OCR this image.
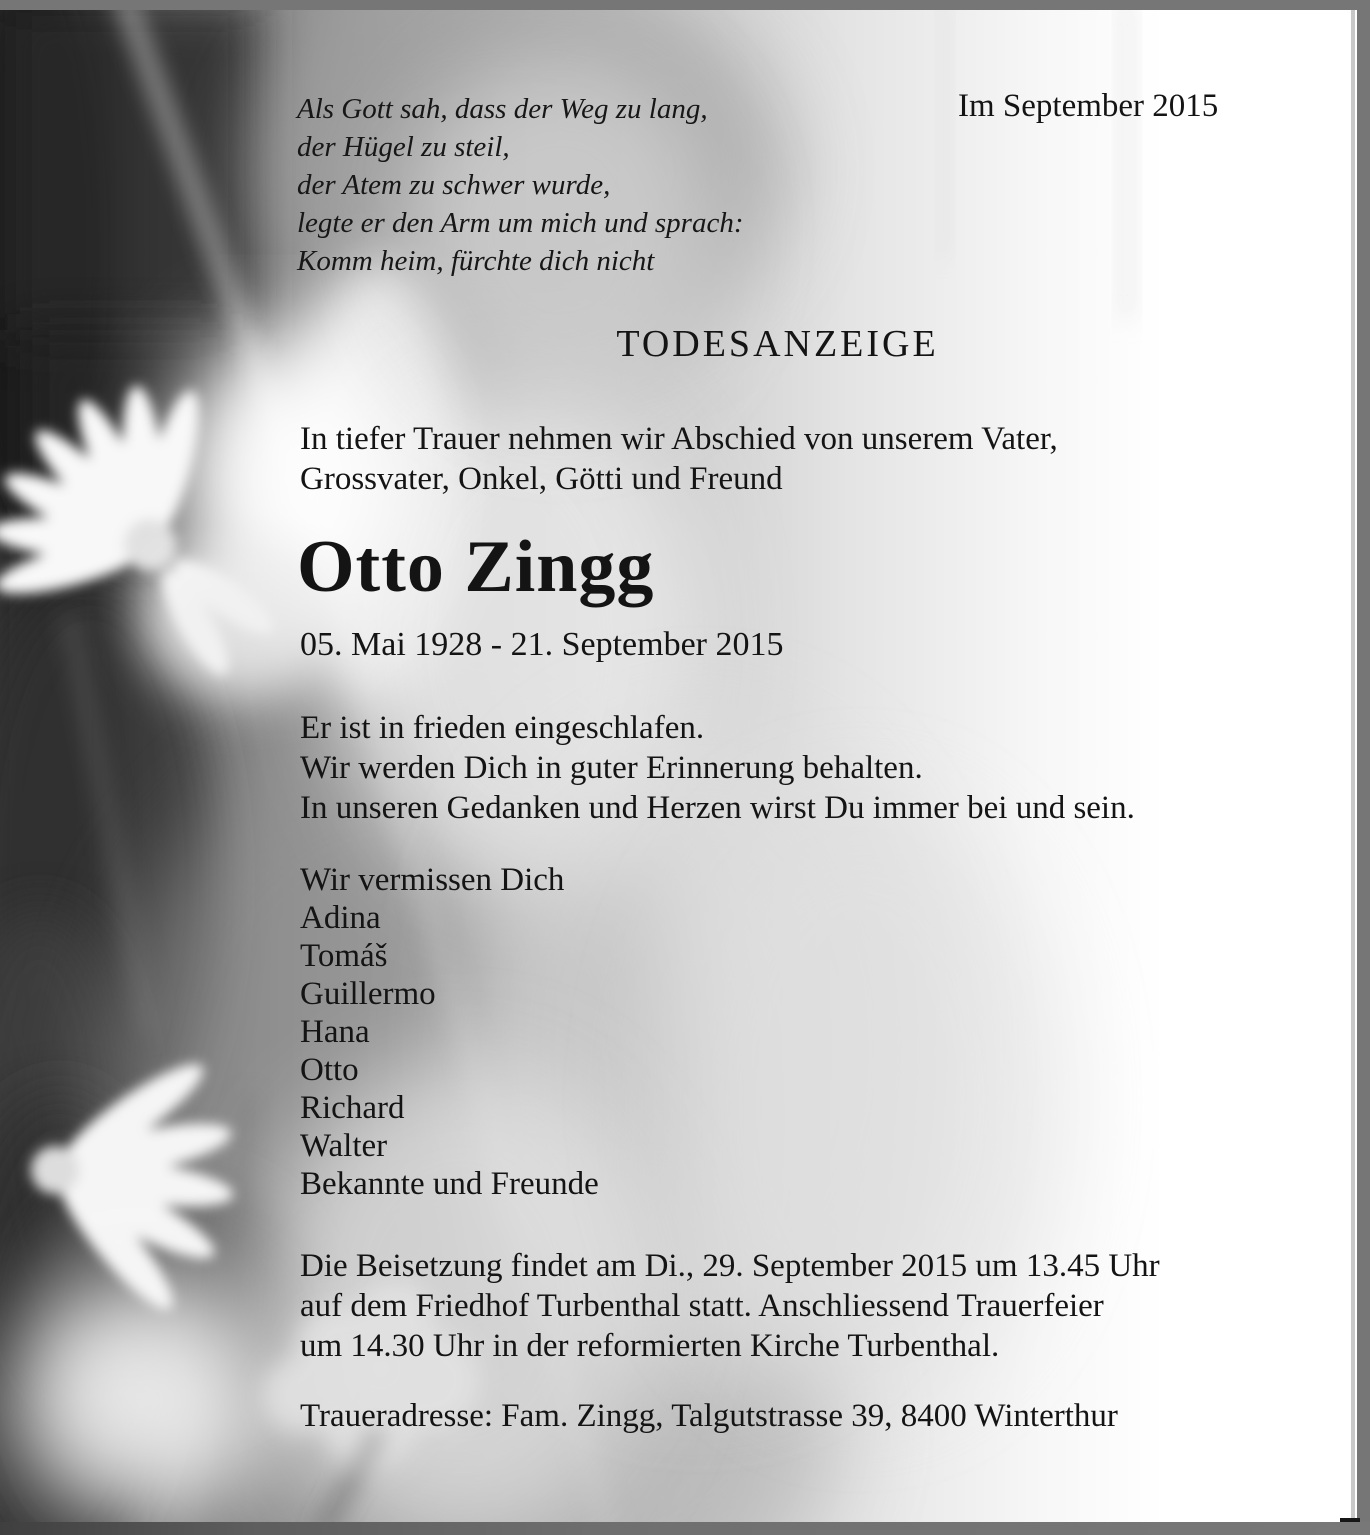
Als Gott sah, dass der Weg zu lang,
der Hügel zu steil,
der Atem zu schwer wurde,
legte er den Arm um mich und sprach:
Komm heim, fürchte dich nicht
Im September 2015
TODESANZEIGE
In tiefer Trauer nehmen wir Abschied von unserem Vater,
Grossvater, Onkel, Götti und Freund
Otto Zingg
05. Mai 1928 - 21. September 2015
Er ist in frieden eingeschlafen.
Wir werden Dich in guter Erinnerung behalten.
In unseren Gedanken und Herzen wirst Du immer bei und sein.
Wir vermissen Dich
Adina
Tomáš
Guillermo
Hana
Otto
Richard
Walter
Bekannte und Freunde
Die Beisetzung findet am Di., 29. September 2015 um 13.45 Uhr
auf dem Friedhof Turbenthal statt. Anschliessend Trauerfeier
um 14.30 Uhr in der reformierten Kirche Turbenthal.
Traueradresse: Fam. Zingg, Talgutstrasse 39, 8400 Winterthur
